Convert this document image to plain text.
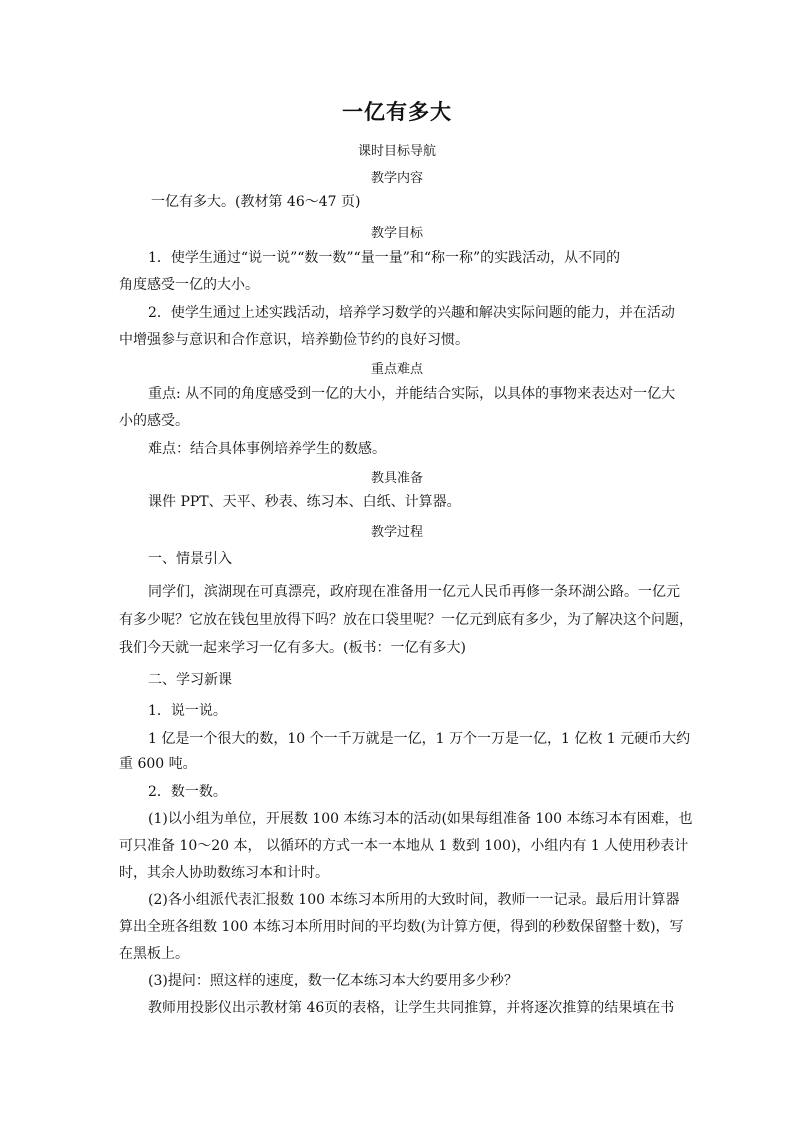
一亿有多大
课时目标导航
教学内容
一亿有多大。(教材第 46～47 页)
教学目标
1．使学生通过“说一说”“数一数”“量一量”和“称一称”的实践活动，从不同的
角度感受一亿的大小。
2．使学生通过上述实践活动，培养学习数学的兴趣和解决实际问题的能力，并在活动
中增强参与意识和合作意识，培养勤俭节约的良好习惯。
重点难点
重点: 从不同的角度感受到一亿的大小，并能结合实际，以具体的事物来表达对一亿大
小的感受。
难点：结合具体事例培养学生的数感。
教具准备
课件 PPT、天平、秒表、练习本、白纸、计算器。
教学过程
一、情景引入
同学们，滨湖现在可真漂亮，政府现在准备用一亿元人民币再修一条环湖公路。一亿元
有多少呢？它放在钱包里放得下吗？放在口袋里呢？一亿元到底有多少，为了解决这个问题，
我们今天就一起来学习一亿有多大。(板书：一亿有多大)
二、学习新课
1．说一说。
1 亿是一个很大的数，10 个一千万就是一亿，1 万个一万是一亿，1 亿枚 1 元硬币大约
重 600 吨。
2．数一数。
(1)以小组为单位，开展数 100 本练习本的活动(如果每组准备 100 本练习本有困难，也
可只准备 10～20 本， 以循环的方式一本一本地从 1 数到 100)，小组内有 1 人使用秒表计
时，其余人协助数练习本和计时。
(2)各小组派代表汇报数 100 本练习本所用的大致时间，教师一一记录。最后用计算器
算出全班各组数 100 本练习本所用时间的平均数(为计算方便，得到的秒数保留整十数)，写
在黑板上。
(3)提问：照这样的速度，数一亿本练习本大约要用多少秒？
教师用投影仪出示教材第 46页的表格，让学生共同推算，并将逐次推算的结果填在书
